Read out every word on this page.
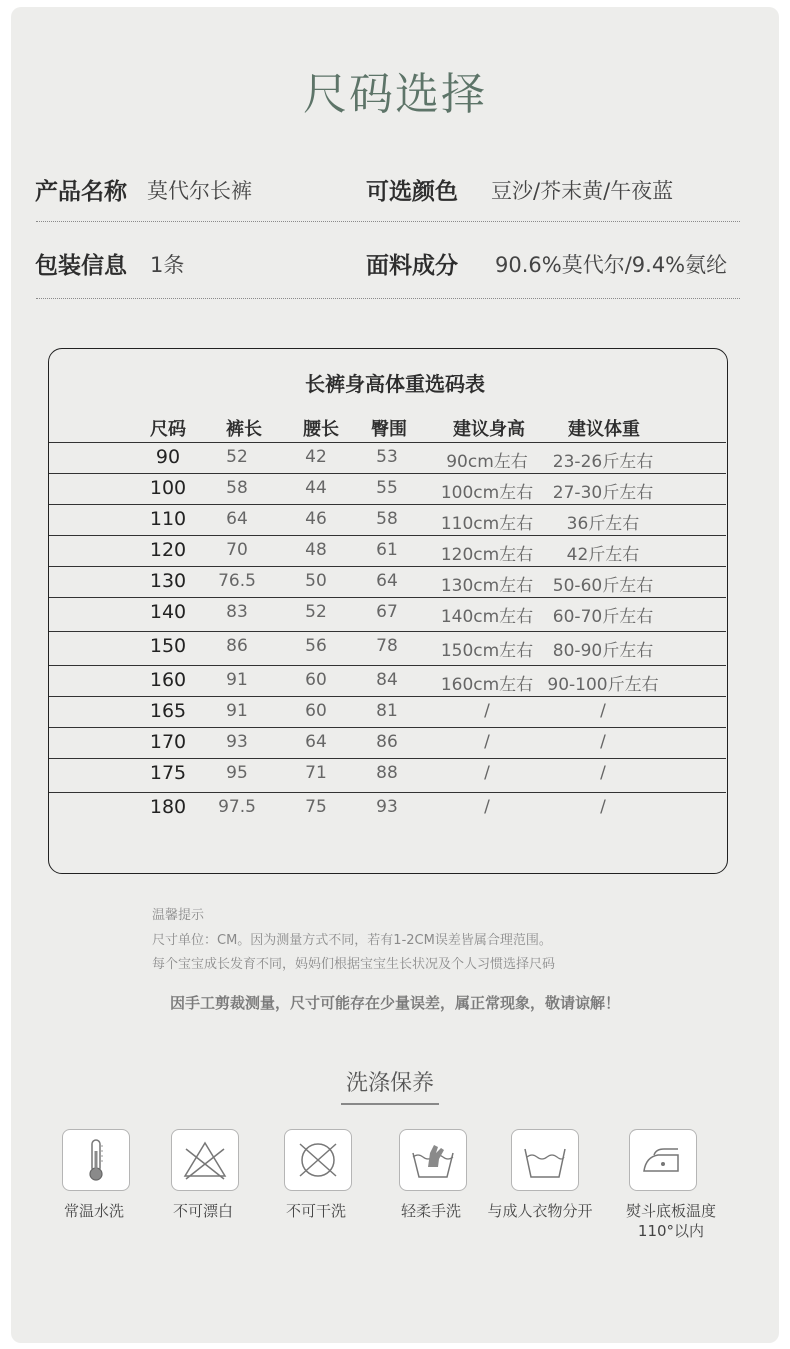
尺码选择
产品名称 莫代尔长裤	可选颜色 豆沙/芥末黄/午夜蓝
包装信息 1条	面料成分 90.6%莫代尔/9.4%氨纶
长裤身高体重选码表
尺码 裤长 腰长 臀围	建议身高 建议体重
90	52	42	53	90cm左右 23-26斤左右
100 58	44	55	100cm左右 27-30斤左右
110 64	46	58	110cm左右 36斤左右
120 70	48	61	120cm左右 42斤左右
130 76.5	50	64	130cm左右 50-60斤左右
140 83	52	67	140cm左右 60-70斤左右
150 86	56	78	150cm左右 80-90斤左右
160 91	60	84	160cm左右 90-100斤左右
165 91	60	81	/	/
170 93	64	86	/	/
175 95	71	88	/	/
180 97.5	75	93	/	/
温馨提示
尺寸单位：CM。因为测量方式不同，若有1-2CM误差皆属合理范围。
每个宝宝成长发育不同，妈妈们根据宝宝生长状况及个人习惯选择尺码
因手工剪裁测量，尺寸可能存在少量误差，属正常现象，敬请谅解！
洗涤保养
常温水洗	不可漂白	不可干洗	轻柔手洗 与成人衣物分开 熨斗底板温度
110°以内
